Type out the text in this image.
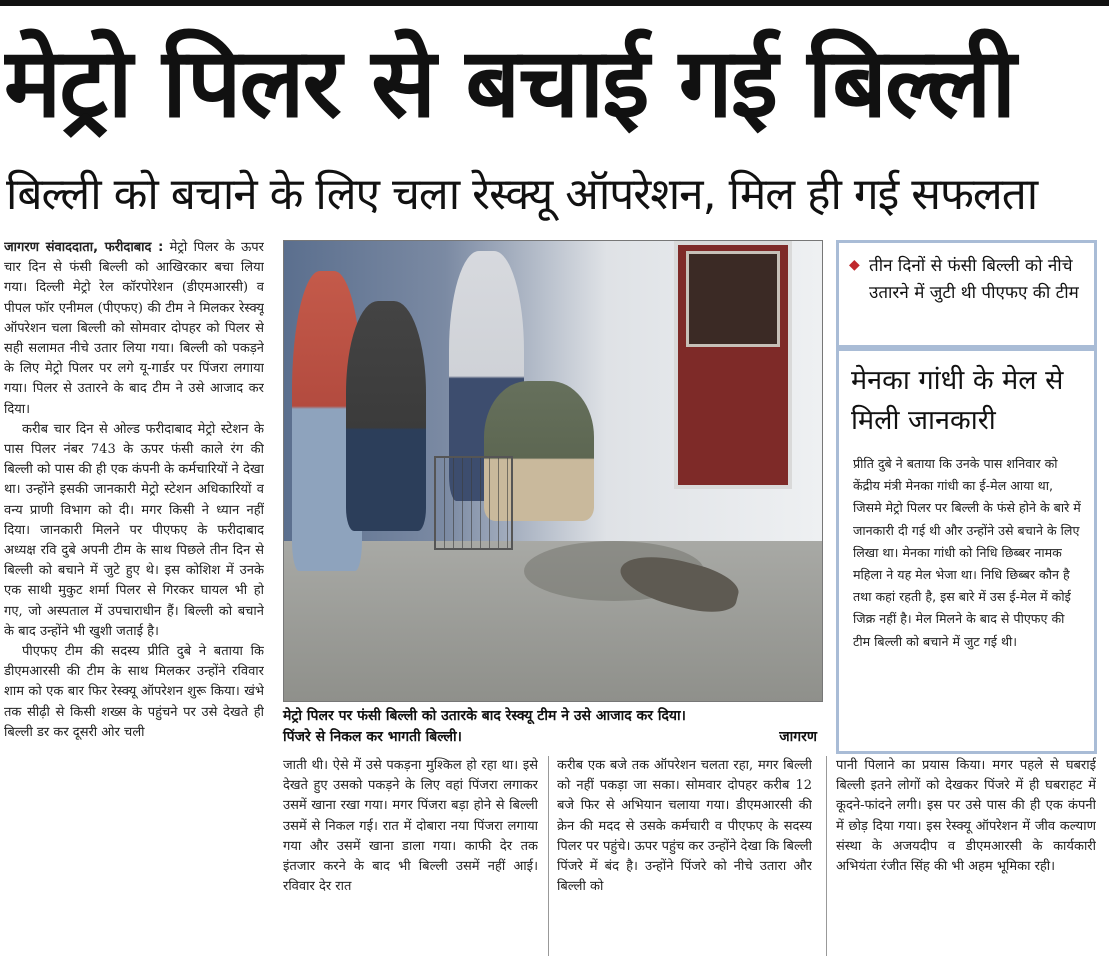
मेट्रो पिलर से बचाई गई बिल्ली
बिल्ली को बचाने के लिए चला रेस्क्यू ऑपरेशन, मिल ही गई सफलता

जागरण संवाददाता, फरीदाबाद : मेट्रो पिलर के ऊपर चार दिन से फंसी बिल्ली को आखिरकार बचा लिया गया। दिल्ली मेट्रो रेल कॉरपोरेशन (डीएमआरसी) व पीपल फॉर एनीमल (पीएफए) की टीम ने मिलकर रेस्क्यू ऑपरेशन चला बिल्ली को सोमवार दोपहर को पिलर से सही सलामत नीचे उतार लिया गया। बिल्ली को पकड़ने के लिए मेट्रो पिलर पर लगे यू-गार्डर पर पिंजरा लगाया गया। पिलर से उतारने के बाद टीम ने उसे आजाद कर दिया।

करीब चार दिन से ओल्ड फरीदाबाद मेट्रो स्टेशन के पास पिलर नंबर 743 के ऊपर फंसी काले रंग की बिल्ली को पास की ही एक कंपनी के कर्मचारियों ने देखा था। उन्होंने इसकी जानकारी मेट्रो स्टेशन अधिकारियों व वन्य प्राणी विभाग को दी। मगर किसी ने ध्यान नहीं दिया। जानकारी मिलने पर पीएफए के फरीदाबाद अध्यक्ष रवि दुबे अपनी टीम के साथ पिछले तीन दिन से बिल्ली को बचाने में जुटे हुए थे। इस कोशिश में उनके एक साथी मुकुट शर्मा पिलर से गिरकर घायल भी हो गए, जो अस्पताल में उपचाराधीन हैं। बिल्ली को बचाने के बाद उन्होंने भी खुशी जताई है।

पीएफए टीम की सदस्य प्रीति दुबे ने बताया कि डीएमआरसी की टीम के साथ मिलकर उन्होंने रविवार शाम को एक बार फिर रेस्क्यू ऑपरेशन शुरू किया। खंभे तक सीढ़ी से किसी शख्स के पहुंचने पर उसे देखते ही बिल्ली डर कर दूसरी ओर चली

मेट्रो पिलर पर फंसी बिल्ली को उतारके बाद रेस्क्यू टीम ने उसे आजाद कर दिया।
पिंजरे से निकल कर भागती बिल्ली।	जागरण

जाती थी। ऐसे में उसे पकड़ना मुश्किल हो रहा था। इसे देखते हुए उसको पकड़ने के लिए वहां पिंजरा लगाकर उसमें खाना रखा गया। मगर पिंजरा बड़ा होने से बिल्ली उसमें से निकल गई। रात में दोबारा नया पिंजरा लगाया गया और उसमें खाना डाला गया। काफी देर तक इंतजार करने के बाद भी बिल्ली उसमें नहीं आई। रविवार देर रात

करीब एक बजे तक ऑपरेशन चलता रहा, मगर बिल्ली को नहीं पकड़ा जा सका। सोमवार दोपहर करीब 12 बजे फिर से अभियान चलाया गया। डीएमआरसी की क्रेन की मदद से उसके कर्मचारी व पीएफए के सदस्य पिलर पर पहुंचे। ऊपर पहुंच कर उन्होंने देखा कि बिल्ली पिंजरे में बंद है। उन्होंने पिंजरे को नीचे उतारा और बिल्ली को

पानी पिलाने का प्रयास किया। मगर पहले से घबराई बिल्ली इतने लोगों को देखकर पिंजरे में ही घबराहट में कूदने-फांदने लगी। इस पर उसे पास की ही एक कंपनी में छोड़ दिया गया। इस रेस्क्यू ऑपरेशन में जीव कल्याण संस्था के अजयदीप व डीएमआरसी के कार्यकारी अभियंता रंजीत सिंह की भी अहम भूमिका रही।

◆ तीन दिनों से फंसी बिल्ली को नीचे उतारने में जुटी थी पीएफए की टीम
मेनका गांधी के मेल से मिली जानकारी
प्रीति दुबे ने बताया कि उनके पास शनिवार को केंद्रीय मंत्री मेनका गांधी का ई-मेल आया था, जिसमे मेट्रो पिलर पर बिल्ली के फंसे होने के बारे में जानकारी दी गई थी और उन्होंने उसे बचाने के लिए लिखा था। मेनका गांधी को निधि छिब्बर नामक महिला ने यह मेल भेजा था। निधि छिब्बर कौन है तथा कहां रहती है, इस बारे में उस ई-मेल में कोई जिक्र नहीं है। मेल मिलने के बाद से पीएफए की टीम बिल्ली को बचाने में जुट गई थी।
